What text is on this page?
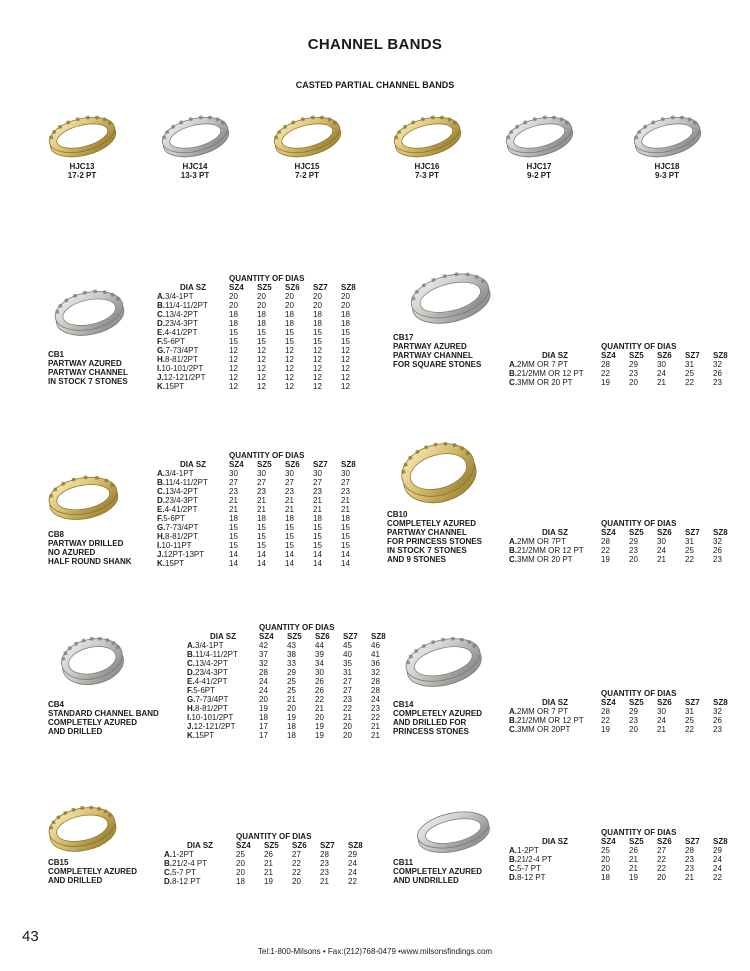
CHANNEL BANDS
CASTED PARTIAL CHANNEL BANDS
HJC13
17-2 PT
HJC14
13-3 PT
HJC15
7-2 PT
HJC16
7-3 PT
HJC17
9-2 PT
HJC18
9-3 PT
CB1
PARTWAY AZURED
PARTWAY CHANNEL
IN STOCK 7 STONES
	QUANTITY OF DIAS				
DIA SZ	SZ4	SZ5	SZ6	SZ7	SZ8
A.3/4-1PT	20	20	20	20	20
B.11/4-11/2PT	20	20	20	20	20
C.13/4-2PT	18	18	18	18	18
D.23/4-3PT	18	18	18	18	18
E.4-41/2PT	15	15	15	15	15
F.5-6PT	15	15	15	15	15
G.7-73/4PT	12	12	12	12	12
H.8-81/2PT	12	12	12	12	12
I.10-101/2PT	12	12	12	12	12
J.12-121/2PT	12	12	12	12	12
K.15PT	12	12	12	12	12
CB17
PARTWAY AZURED
PARTWAY CHANNEL
FOR SQUARE STONES
	QUANTITY OF DIAS				
DIA SZ	SZ4	SZ5	SZ6	SZ7	SZ8
A.2MM OR 7 PT	28	29	30	31	32
B.21/2MM OR 12 PT	22	23	24	25	26
C.3MM OR 20 PT	19	20	21	22	23
CB8
PARTWAY DRILLED
NO AZURED
HALF ROUND SHANK
	QUANTITY OF DIAS				
DIA SZ	SZ4	SZ5	SZ6	SZ7	SZ8
A.3/4-1PT	30	30	30	30	30
B.11/4-11/2PT	27	27	27	27	27
C.13/4-2PT	23	23	23	23	23
D.23/4-3PT	21	21	21	21	21
E.4-41/2PT	21	21	21	21	21
F.5-6PT	18	18	18	18	18
G.7-73/4PT	15	15	15	15	15
H.8-81/2PT	15	15	15	15	15
I.10-11PT	15	15	15	15	15
J.12PT-13PT	14	14	14	14	14
K.15PT	14	14	14	14	14
CB10
COMPLETELY AZURED
PARTWAY CHANNEL
FOR PRINCESS STONES
IN STOCK 7 STONES
AND 9 STONES
	QUANTITY OF DIAS				
DIA SZ	SZ4	SZ5	SZ6	SZ7	SZ8
A.2MM OR 7PT	28	29	30	31	32
B.21/2MM OR 12 PT	22	23	24	25	26
C.3MM OR 20 PT	19	20	21	22	23
CB4
STANDARD CHANNEL BAND
COMPLETELY AZURED
AND DRILLED
	QUANTITY OF DIAS				
DIA SZ	SZ4	SZ5	SZ6	SZ7	SZ8
A.3/4-1PT	42	43	44	45	46
B.11/4-11/2PT	37	38	39	40	41
C.13/4-2PT	32	33	34	35	36
D.23/4-3PT	28	29	30	31	32
E.4-41/2PT	24	25	26	27	28
F.5-6PT	24	25	26	27	28
G.7-73/4PT	20	21	22	23	24
H.8-81/2PT	19	20	21	22	23
I.10-101/2PT	18	19	20	21	22
J.12-121/2PT	17	18	19	20	21
K.15PT	17	18	19	20	21
CB14
COMPLETELY AZURED
AND DRILLED FOR
PRINCESS STONES
	QUANTITY OF DIAS				
DIA SZ	SZ4	SZ5	SZ6	SZ7	SZ8
A.2MM OR 7 PT	28	29	30	31	32
B.21/2MM OR 12 PT	22	23	24	25	26
C.3MM OR 20PT	19	20	21	22	23
CB15
COMPLETELY AZURED
AND DRILLED
	QUANTITY OF DIAS				
DIA SZ	SZ4	SZ5	SZ6	SZ7	SZ8
A.1-2PT	25	26	27	28	29
B.21/2-4 PT	20	21	22	23	24
C.5-7 PT	20	21	22	23	24
D.8-12 PT	18	19	20	21	22
CB11
COMPLETELY AZURED
AND UNDRILLED
	QUANTITY OF DIAS				
DIA SZ	SZ4	SZ5	SZ6	SZ7	SZ8
A.1-2PT	25	26	27	28	29
B.21/2-4 PT	20	21	22	23	24
C.5-7 PT	20	21	22	23	24
D.8-12 PT	18	19	20	21	22
43
Tel:1-800-Milsons • Fax:(212)768-0479 •www.milsonsfindings.com
